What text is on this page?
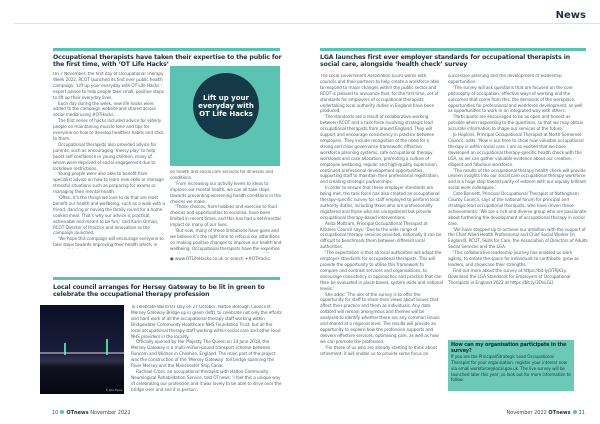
News
Occupational therapists have taken their expertise to the public for the first time, with ‘OT Life Hacks’

On 7 November, the first day of Occupational Therapy Week 2022, RCOT launched its first ever public health campaign, ‘Lift up your everyday with OT Life Hacks’: expert advice to help people take small, positive steps to lift up their everyday lives.

Each day during the week, new life hacks were added to the campaign website and shared across social media using #OTHacks.

The first series of hacks included advice for elderly people on maintaining muscle tone and tips for everyone on how to develop healthier habits and stick to them.

Occupational therapists also provided advice for parents, such as encouraging ‘messy play’ to help boost self confidence in young children, many of whom were deprived of social engagement due to lockdown restrictions.

Young people were also able to benefit from specialist advice on how to learn new skills or manage stressful situations such as preparing for exams or managing their mental health.

‘Often, it’s the things we love to do that are most benefit our health and wellbeing, such as a walk with a friend, dancing or having the family round for a home cooked meal. That’s why our advice is practical, achievable and meant to be fun,’ said Karin Orman, RCOT Director of Practice and Innovation as the campaign launched.

‘We hope this campaign will encourage everyone to take steps towards improving their health which, in

Lift up your everyday with OT Life Hacks

on health and social care services for illnesses and conditions.

‘From increasing our activity levels to ideas to improve our mental health, we can all take steps towards preventing worsening health conditions in the choices we make.

‘Those choices, from hobbies and exercise to food choices and opportunities to socialise, have been limited in recent times, and this has had a detrimental impact on many of our lives.

‘But now, many of these limitations have gone and we believe it’s the right time to refocus our attentions on making positive changes to improve our health and wellbeing. Occupational therapists have the expertise

● www.OTLifeHacks.co.uk or search ✦#OTHacks.
Local council arranges for Hersey Gateway to be lit in green to celebrate the occupational therapy profession
© John Eyres

To celebrate World OT Day on 27 October, Halton Borough Council lit Mersey Gateway Bridge up in green (left), to celebrate not only the efforts and hard work of all the occupational therapy staff working within Bridgewater Community Healthcare NHS Foundation Trust, but all the local occupational therapy staff working within social care and other local NHS providers in the locality.

Officially opened by Her Majesty The Queen on 14 June 2018, the Mersey Gateway is a multi-million-pound transport scheme between Runcorn and Widnes in Cheshire, England. The main part of the project was the construction of the ‘Mersey Gateway’ toll bridge spanning the River Mersey and the Manchester Ship Canal.

Rachael Cross, an occupational therapist with Halton Community Neurological Rehabilitation Service, told OTnews: ‘I feel this a unique way of celebrating our profession and it was lovely to be able to drive over the bridge over and see it in person’.

LGA launches first ever employer standards for occupational therapists in social care, alongside ‘health check’ survey

The Local Government Association (LGA) works with councils and their partners to help create a workforce able to respond to major changes within the public sector and RCOT is pleased to announce that, for the first time, set of standards for employers of occupational therapists undertaking local authority duties in England have been produced.

The standards are a result of collaborative working between RCOT and a task force involving strategic lead occupational therapists from around England. They will support and encourage consistency in practice between employers. They include recognition of the need for a strong and clear governance framework, effective workforce planning systems, safe occupational therapy workloads and case allocation, promoting a culture of employee wellbeing, regular and high-quality supervision, continued professional development opportunities, supporting staff to maintain their professional registration, and creating strategic partnerships.

In order to ensure that these employer standards are being met, the task force has also created an occupational therapy-specific survey for staff employed to perform local authority duties, including those who are professionally registered and those who are unregistered but provide occupational therapy-based interventions.

Anita Mottram, Principal Occupational Therapist at Kirklees Council says: ‘Due to the wide range of occupational therapy services provided, nationally it can be difficult to benchmark them between different local authorities.

‘The expectation is that all local authorities will adopt the employer standards for occupational therapists. This will provide the opportunity to utilise this framework to compare and contrast services and organisations, to encourage consistency in approaches and practice that can then be evaluated in place-based, system-wide and national levels.’

She adds: ‘The aim of the survey is to offer the opportunity for staff to share their views about issues that affect their practice and them as individuals. Any data collated will remain anonymous and themes will be analysed to identify whether there are any common issues and shared at a regional level. The results will provide an opportunity to explore how the profession supports and delivers effective services, optimising care, as well as how we can promote the profession.

‘For those of us who are already starting to think about retirement, it will enable us to provide some focus on

succession planning and the development of leadership opportunities.

‘The survey will ask questions that are focused on the core philosophy of occupation, effective ways of working and the outcomes that come from this, the demands of the workplace, opportunities for professional and workforce development, as well as opportunities to work in an integrated way with others.

‘Participants are encouraged to be as open and honest as possible when responding to the questions, so that we may obtain accurate information to shape our services of the future.’

Jo Hopkins, Principal Occupational Therapist at North Somerset Council, adds: ‘Now is our time to show how valuable occupational therapy is within social care. I am so excited that we have developed an occupational therapy-specific health check with the LGA, so we can gather valuable evidence about our creative, diligent and fabulous workforce.

‘The results of the occupational therapy health check will provide unseen insights into our social care occupational therapy workforce and is a huge step toward parity of esteem with our equally brilliant social work colleagues.’

Cate Bennett, Principal Occupational Therapist at Nottingham County Council, says of the national forum for principal and strategic lead occupational therapists, who have driven these achievements: ‘We are a rich and diverse group who are passionate about furthering the development of occupational therapy in social care.

‘We have stepped up to achieve our ambition with the support of the Chief Allied Health Professional and Chief Social Worker [in England], RCOT, Skills for Care, the Association of Directors of Adults Social Services and the LGA.

‘This collaborative leadership journey has enabled us work agilely, to create the space for individuals to contribute, grow as leaders, and showcase their strengths.’

Find out more about the survey at https://bit.ly/3TRjK1y. Download the LGA Standards for Employers of Occupational Therapists in England 2022 at https://bit.ly/3DnLGLl.

How can my organisation participate in the survey?
If you are the Principal/Strategic Lead Occupational Therapist for your organisation, register your interest now via email workforce@local.gov.uk. The live survey will be launched later this year, so look out for more information to follow.
10 OTnews November 2022	November 2022 OTnews 11
